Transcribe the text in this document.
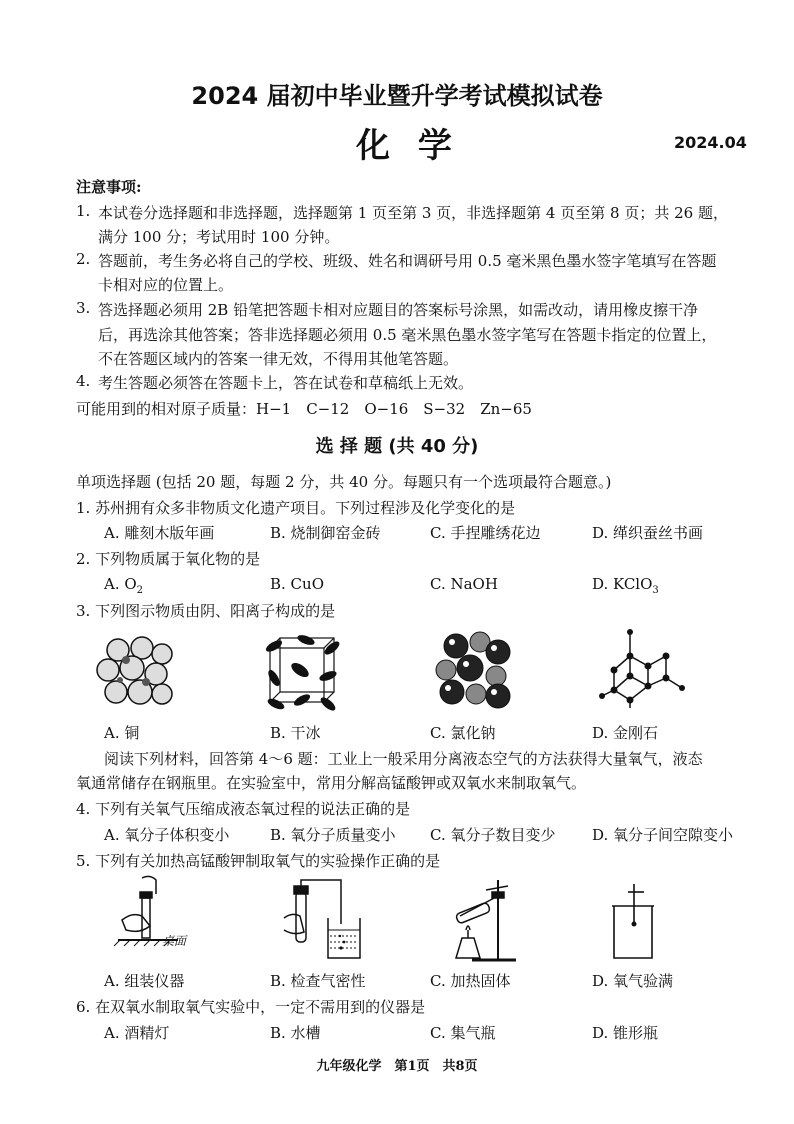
2024 届初中毕业暨升学考试模拟试卷
化 学	2024.04
注意事项:
1. 本试卷分选择题和非选择题，选择题第 1 页至第 3 页，非选择题第 4 页至第 8 页；共 26 题，
满分 100 分；考试用时 100 分钟。
2. 答题前，考生务必将自己的学校、班级、姓名和调研号用 0.5 毫米黑色墨水签字笔填写在答题
卡相对应的位置上。
3. 答选择题必须用 2B 铅笔把答题卡相对应题目的答案标号涂黑，如需改动，请用橡皮擦干净
后，再选涂其他答案；答非选择题必须用 0.5 毫米黑色墨水签字笔写在答题卡指定的位置上，
不在答题区域内的答案一律无效，不得用其他笔答题。
4. 考生答题必须答在答题卡上，答在试卷和草稿纸上无效。
可能用到的相对原子质量：H−1　C−12　O−16　S−32　Zn−65
选 择 题 (共 40 分)
单项选择题 (包括 20 题，每题 2 分，共 40 分。每题只有一个选项最符合题意。)
1. 苏州拥有众多非物质文化遗产项目。下列过程涉及化学变化的是
A. 雕刻木版年画	B. 烧制御窑金砖	C. 手捏雕绣花边	D. 缂织蚕丝书画
2. 下列物质属于氧化物的是
A. $O_2$	B. CuO	C. NaOH	D. KClO$_3$
3. 下列图示物质由阴、阳离子构成的是
A. 铜	B. 干冰	C. 氯化钠	D. 金刚石
阅读下列材料，回答第 4～6 题：工业上一般采用分离液态空气的方法获得大量氧气，液态
氧通常储存在钢瓶里。在实验室中，常用分解高锰酸钾或双氧水来制取氧气。
4. 下列有关氧气压缩成液态氧过程的说法正确的是
A. 氧分子体积变小	B. 氧分子质量变小 C. 氧分子数目变少 D. 氧分子间空隙变小
5. 下列有关加热高锰酸钾制取氧气的实验操作正确的是
桌面
A. 组装仪器	B. 检查气密性	C. 加热固体	D. 氧气验满
6. 在双氧水制取氧气实验中，一定不需用到的仪器是
A. 酒精灯	B. 水槽	C. 集气瓶	D. 锥形瓶
九年级化学　第1页　共8页
